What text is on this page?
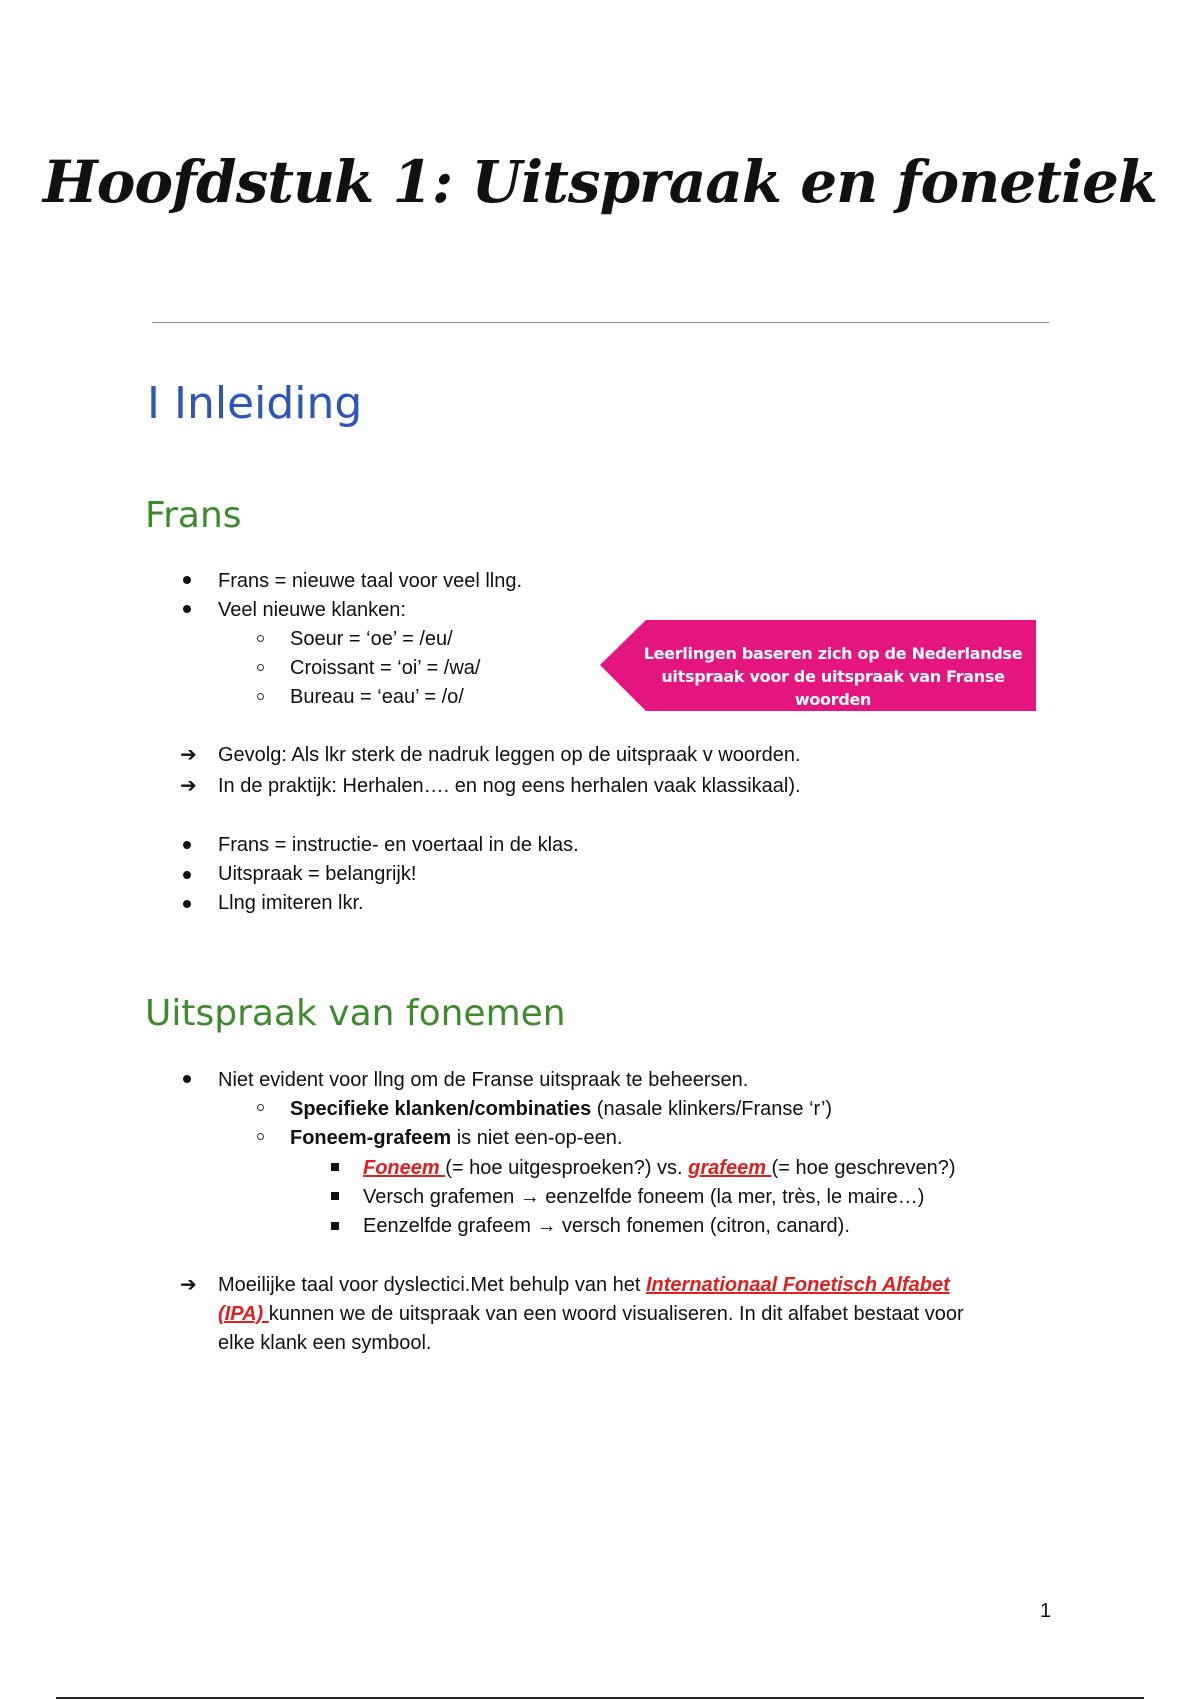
Hoofdstuk 1: Uitspraak en fonetiek
I Inleiding
Frans
Frans = nieuwe taal voor veel llng.
Veel nieuwe klanken:
Soeur = ‘oe’ = /eu/
Croissant = ‘oi’ = /wa/
Bureau = ‘eau’ = /o/
Leerlingen baseren zich op de Nederlandse uitspraak voor de uitspraak van Franse woorden
➔ Gevolg: Als lkr sterk de nadruk leggen op de uitspraak v woorden.
➔ In de praktijk: Herhalen…. en nog eens herhalen vaak klassikaal).
Frans = instructie- en voertaal in de klas.
Uitspraak = belangrijk!
Llng imiteren lkr.
Uitspraak van fonemen
Niet evident voor llng om de Franse uitspraak te beheersen.
Specifieke klanken/combinaties (nasale klinkers/Franse ‘r’)
Foneem-grafeem is niet een-op-een.
Foneem (= hoe uitgesproeken?) vs. grafeem (= hoe geschreven?)
Versch grafemen → eenzelfde foneem (la mer, très, le maire…)
Eenzelfde grafeem → versch fonemen (citron, canard).
➔ Moeilijke taal voor dyslectici.Met behulp van het Internationaal Fonetisch Alfabet
(IPA) kunnen we de uitspraak van een woord visualiseren. In dit alfabet bestaat voor
elke klank een symbool.
1
